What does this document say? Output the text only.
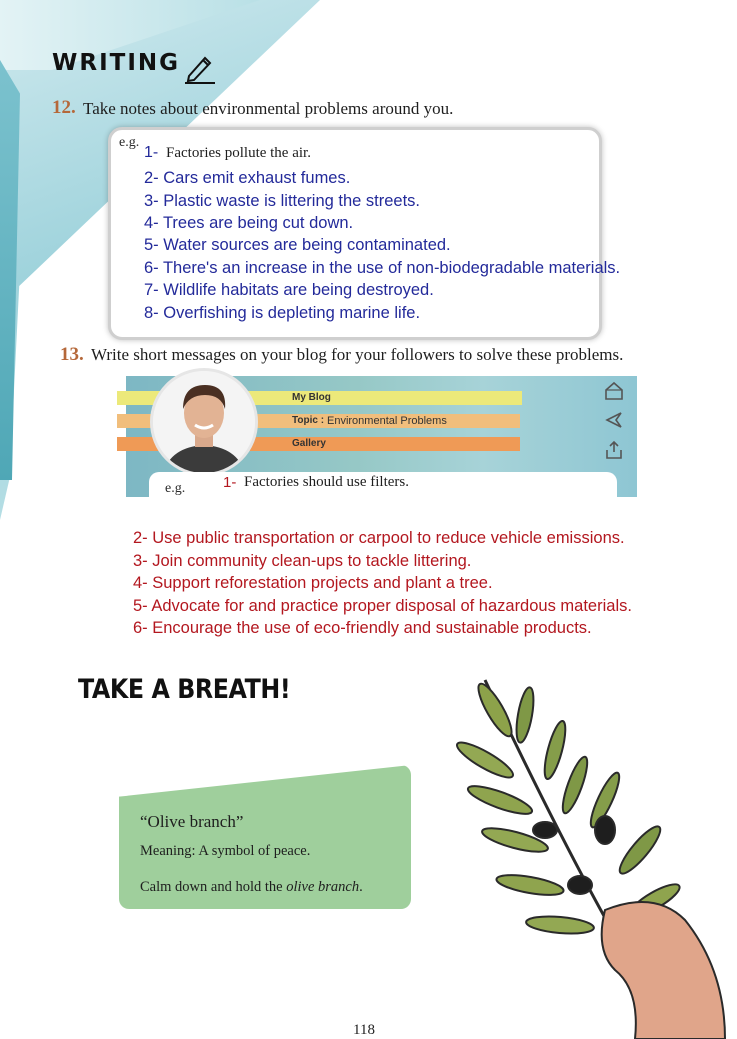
WRITING
12. Take notes about environmental problems around you.
e.g.
1- Factories pollute the air.
2- Cars emit exhaust fumes.
3- Plastic waste is littering the streets.
4- Trees are being cut down.
5- Water sources are being contaminated.
6- There's an increase in the use of non-biodegradable materials.
7- Wildlife habitats are being destroyed.
8- Overfishing is depleting marine life.
13. Write short messages on your blog for your followers to solve these problems.
My Blog
Topic : Environmental Problems
Gallery
e.g.	1- Factories should use filters.
2- Use public transportation or carpool to reduce vehicle emissions.
3- Join community clean-ups to tackle littering.
4- Support reforestation projects and plant a tree.
5- Advocate for and practice proper disposal of hazardous materials.
6- Encourage the use of eco-friendly and sustainable products.
TAKE A BREATH!
“Olive branch”
Meaning: A symbol of peace.
Calm down and hold the olive branch.
118
